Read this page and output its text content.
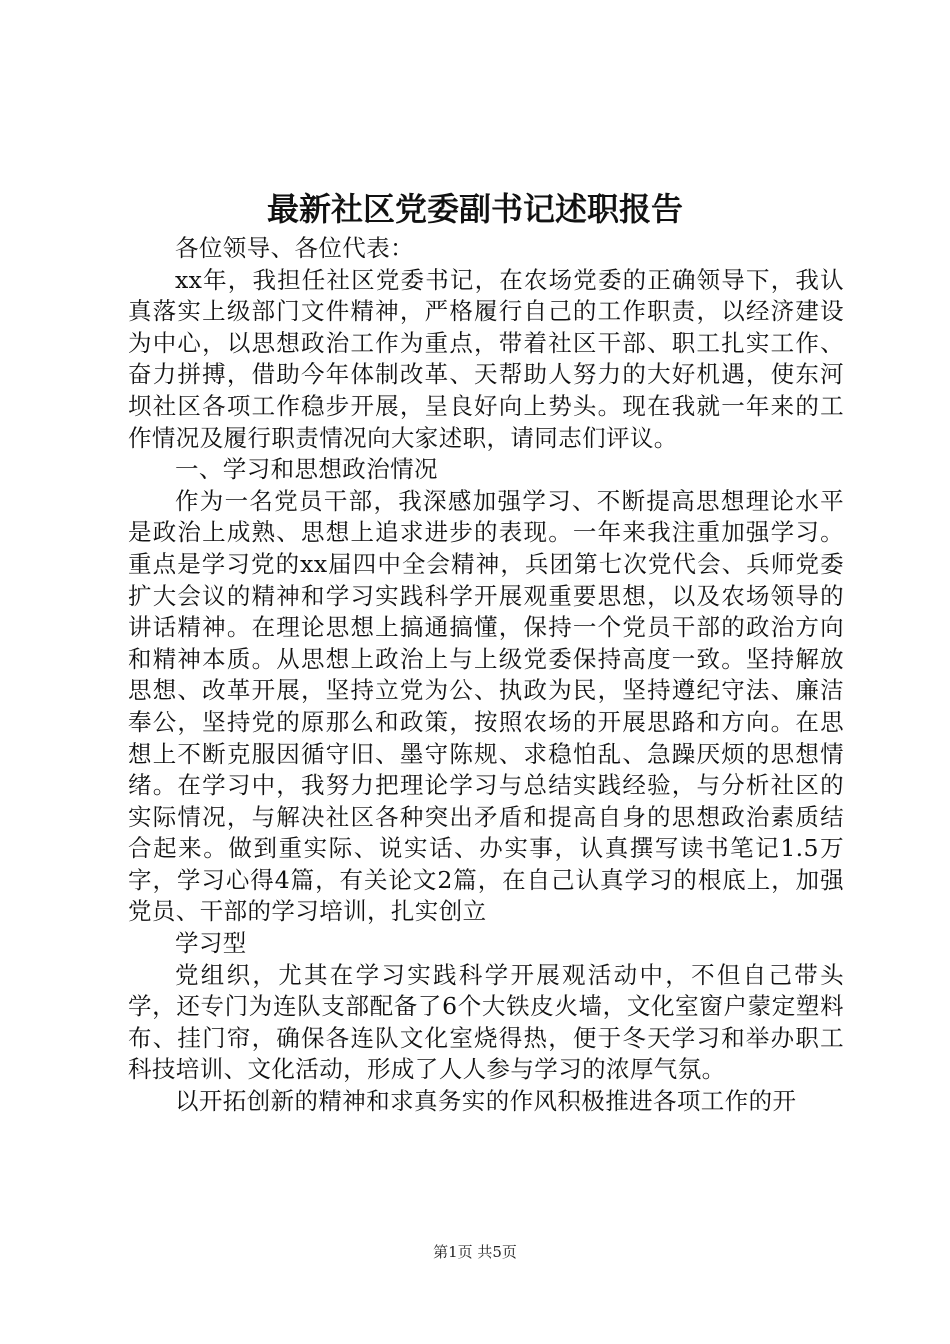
最新社区党委副书记述职报告

各位领导、各位代表：

xx年，我担任社区党委书记，在农场党委的正确领导下，我认真落实上级部门文件精神，严格履行自己的工作职责，以经济建设为中心，以思想政治工作为重点，带着社区干部、职工扎实工作、奋力拼搏，借助今年体制改革、天帮助人努力的大好机遇，使东河坝社区各项工作稳步开展，呈良好向上势头。现在我就一年来的工作情况及履行职责情况向大家述职，请同志们评议。

一、学习和思想政治情况

作为一名党员干部，我深感加强学习、不断提高思想理论水平是政治上成熟、思想上追求进步的表现。一年来我注重加强学习。重点是学习党的xx届四中全会精神，兵团第七次党代会、兵师党委扩大会议的精神和学习实践科学开展观重要思想，以及农场领导的讲话精神。在理论思想上搞通搞懂，保持一个党员干部的政治方向和精神本质。从思想上政治上与上级党委保持高度一致。坚持解放思想、改革开展，坚持立党为公、执政为民，坚持遵纪守法、廉洁奉公，坚持党的原那么和政策，按照农场的开展思路和方向。在思想上不断克服因循守旧、墨守陈规、求稳怕乱、急躁厌烦的思想情绪。在学习中，我努力把理论学习与总结实践经验，与分析社区的实际情况，与解决社区各种突出矛盾和提高自身的思想政治素质结合起来。做到重实际、说实话、办实事，认真撰写读书笔记1.5万字，学习心得4篇，有关论文2篇，在自己认真学习的根底上，加强党员、干部的学习培训，扎实创立

学习型

党组织，尤其在学习实践科学开展观活动中，不但自己带头学，还专门为连队支部配备了6个大铁皮火墙，文化室窗户蒙定塑料布、挂门帘，确保各连队文化室烧得热，便于冬天学习和举办职工科技培训、文化活动，形成了人人参与学习的浓厚气氛。

以开拓创新的精神和求真务实的作风积极推进各项工作的开

第1页 共5页
